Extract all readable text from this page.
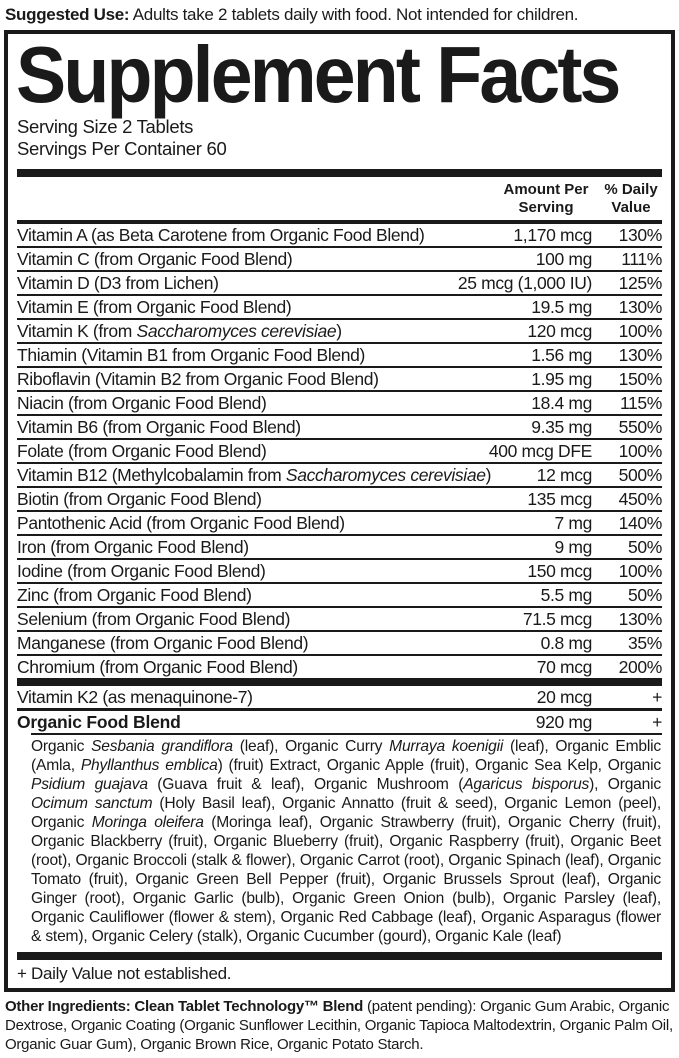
Suggested Use: Adults take 2 tablets daily with food. Not intended for children.
Supplement Facts
Serving Size 2 Tablets
Servings Per Container 60
Amount Per Serving
% Daily Value
Vitamin A (as Beta Carotene from Organic Food Blend)	1,170 mcg	130%
Vitamin C (from Organic Food Blend)	100 mg	111%
Vitamin D (D3 from Lichen)	25 mcg (1,000 IU)	125%
Vitamin E (from Organic Food Blend)	19.5 mg	130%
Vitamin K (from Saccharomyces cerevisiae)	120 mcg	100%
Thiamin (Vitamin B1 from Organic Food Blend)	1.56 mg	130%
Riboflavin (Vitamin B2 from Organic Food Blend)	1.95 mg	150%
Niacin (from Organic Food Blend)	18.4 mg	115%
Vitamin B6 (from Organic Food Blend)	9.35 mg	550%
Folate (from Organic Food Blend)	400 mcg DFE	100%
Vitamin B12 (Methylcobalamin from Saccharomyces cerevisiae)	12 mcg	500%
Biotin (from Organic Food Blend)	135 mcg	450%
Pantothenic Acid (from Organic Food Blend)	7 mg	140%
Iron (from Organic Food Blend)	9 mg	50%
Iodine (from Organic Food Blend)	150 mcg	100%
Zinc (from Organic Food Blend)	5.5 mg	50%
Selenium (from Organic Food Blend)	71.5 mcg	130%
Manganese (from Organic Food Blend)	0.8 mg	35%
Chromium (from Organic Food Blend)	70 mcg	200%
Vitamin K2 (as menaquinone-7)	20 mcg	+
Organic Food Blend	920 mg	+
Organic Sesbania grandiflora (leaf), Organic Curry Murraya koenigii (leaf), Organic Emblic (Amla, Phyllanthus emblica) (fruit) Extract, Organic Apple (fruit), Organic Sea Kelp, Organic Psidium guajava (Guava fruit & leaf), Organic Mushroom (Agaricus bisporus), Organic Ocimum sanctum (Holy Basil leaf), Organic Annatto (fruit & seed), Organic Lemon (peel), Organic Moringa oleifera (Moringa leaf), Organic Strawberry (fruit), Organic Cherry (fruit), Organic Blackberry (fruit), Organic Blueberry (fruit), Organic Raspberry (fruit), Organic Beet (root), Organic Broccoli (stalk & flower), Organic Carrot (root), Organic Spinach (leaf), Organic Tomato (fruit), Organic Green Bell Pepper (fruit), Organic Brussels Sprout (leaf), Organic Ginger (root), Organic Garlic (bulb), Organic Green Onion (bulb), Organic Parsley (leaf), Organic Cauliflower (flower & stem), Organic Red Cabbage (leaf), Organic Asparagus (flower & stem), Organic Celery (stalk), Organic Cucumber (gourd), Organic Kale (leaf)
+ Daily Value not established.
Other Ingredients: Clean Tablet Technology™ Blend (patent pending): Organic Gum Arabic, Organic Dextrose, Organic Coating (Organic Sunflower Lecithin, Organic Tapioca Maltodextrin, Organic Palm Oil, Organic Guar Gum), Organic Brown Rice, Organic Potato Starch.
